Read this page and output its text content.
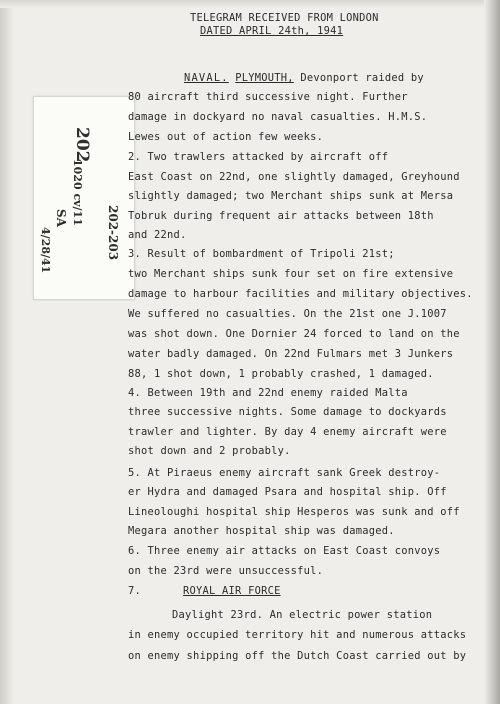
TELEGRAM RECEIVED FROM LONDON
DATED APRIL 24th, 1941
202
1020 cv/11
SA	202-203
4/28/41
NAVAL. PLYMOUTH, Devonport raided by
80 aircraft third successive night. Further
damage in dockyard no naval casualties. H.M.S.
Lewes out of action few weeks.
2. Two trawlers attacked by aircraft off
East Coast on 22nd, one slightly damaged, Greyhound
slightly damaged; two Merchant ships sunk at Mersa
Tobruk during frequent air attacks between 18th
and 22nd.
3. Result of bombardment of Tripoli 21st;
two Merchant ships sunk four set on fire extensive
damage to harbour facilities and military objectives.
We suffered no casualties. On the 21st one J.1007
was shot down. One Dornier 24 forced to land on the
water badly damaged. On 22nd Fulmars met 3 Junkers
88, 1 shot down, 1 probably crashed, 1 damaged.
4. Between 19th and 22nd enemy raided Malta
three successive nights. Some damage to dockyards
trawler and lighter. By day 4 enemy aircraft were
shot down and 2 probably.
5. At Piraeus enemy aircraft sank Greek destroy-
er Hydra and damaged Psara and hospital ship. Off
Lineoloughi hospital ship Hesperos was sunk and off
Megara another hospital ship was damaged.
6. Three enemy air attacks on East Coast convoys
on the 23rd were unsuccessful.
7.	ROYAL AIR FORCE
Daylight 23rd. An electric power station
in enemy occupied territory hit and numerous attacks
on enemy shipping off the Dutch Coast carried out by
